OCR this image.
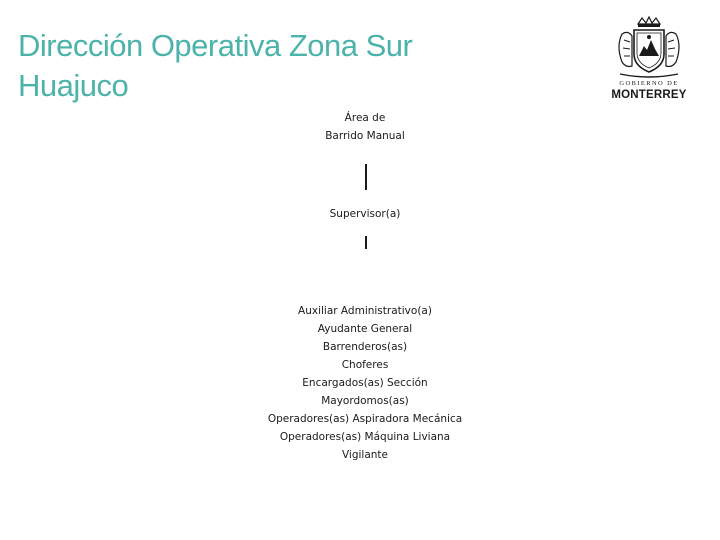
Dirección Operativa Zona Sur
Huajuco	GOBIERNO DE
MONTERREY
Área de
Barrido Manual
Supervisor(a)
Auxiliar Administrativo(a)
Ayudante General
Barrenderos(as)
Choferes
Encargados(as) Sección
Mayordomos(as)
Operadores(as) Aspiradora Mecánica
Operadores(as) Máquina Liviana
Vigilante
